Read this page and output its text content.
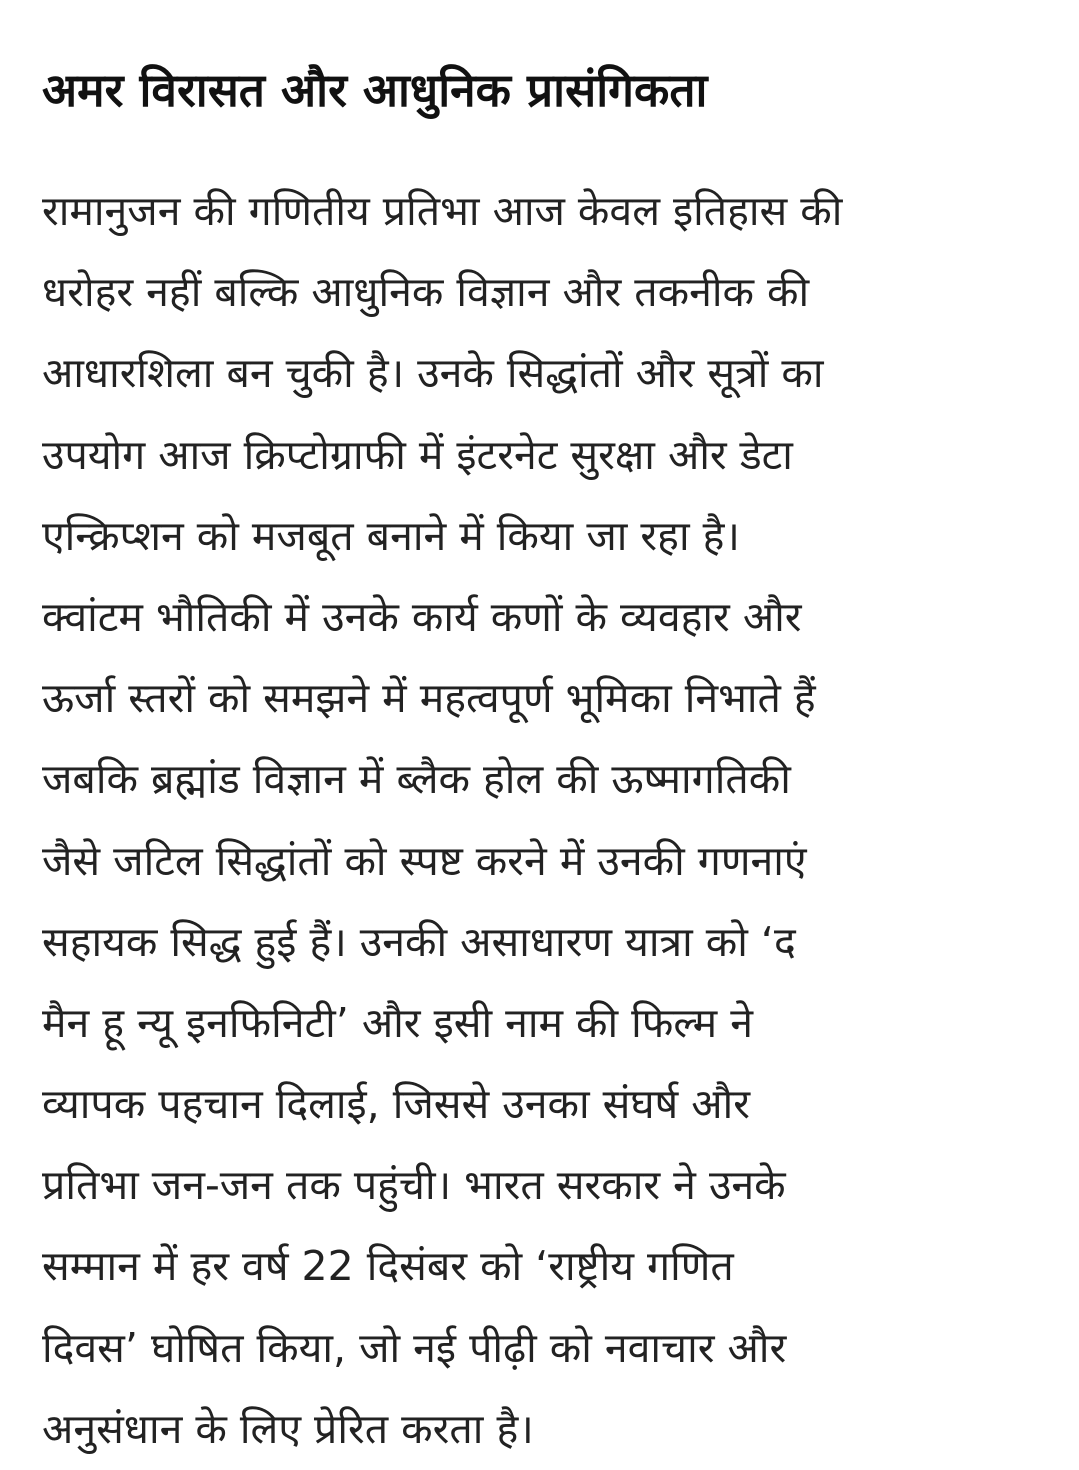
अमर विरासत और आधुनिक प्रासंगिकता
रामानुजन की गणितीय प्रतिभा आज केवल इतिहास की
धरोहर नहीं बल्कि आधुनिक विज्ञान और तकनीक की
आधारशिला बन चुकी है। उनके सिद्धांतों और सूत्रों का
उपयोग आज क्रिप्टोग्राफी में इंटरनेट सुरक्षा और डेटा
एन्क्रिप्शन को मजबूत बनाने में किया जा रहा है।
क्वांटम भौतिकी में उनके कार्य कणों के व्यवहार और
ऊर्जा स्तरों को समझने में महत्वपूर्ण भूमिका निभाते हैं
जबकि ब्रह्मांड विज्ञान में ब्लैक होल की ऊष्मागतिकी
जैसे जटिल सिद्धांतों को स्पष्ट करने में उनकी गणनाएं
सहायक सिद्ध हुई हैं। उनकी असाधारण यात्रा को ‘द
मैन हू न्यू इनफिनिटी’ और इसी नाम की फिल्म ने
व्यापक पहचान दिलाई, जिससे उनका संघर्ष और
प्रतिभा जन-जन तक पहुंची। भारत सरकार ने उनके
सम्मान में हर वर्ष 22 दिसंबर को ‘राष्ट्रीय गणित
दिवस’ घोषित किया, जो नई पीढ़ी को नवाचार और
अनुसंधान के लिए प्रेरित करता है।
